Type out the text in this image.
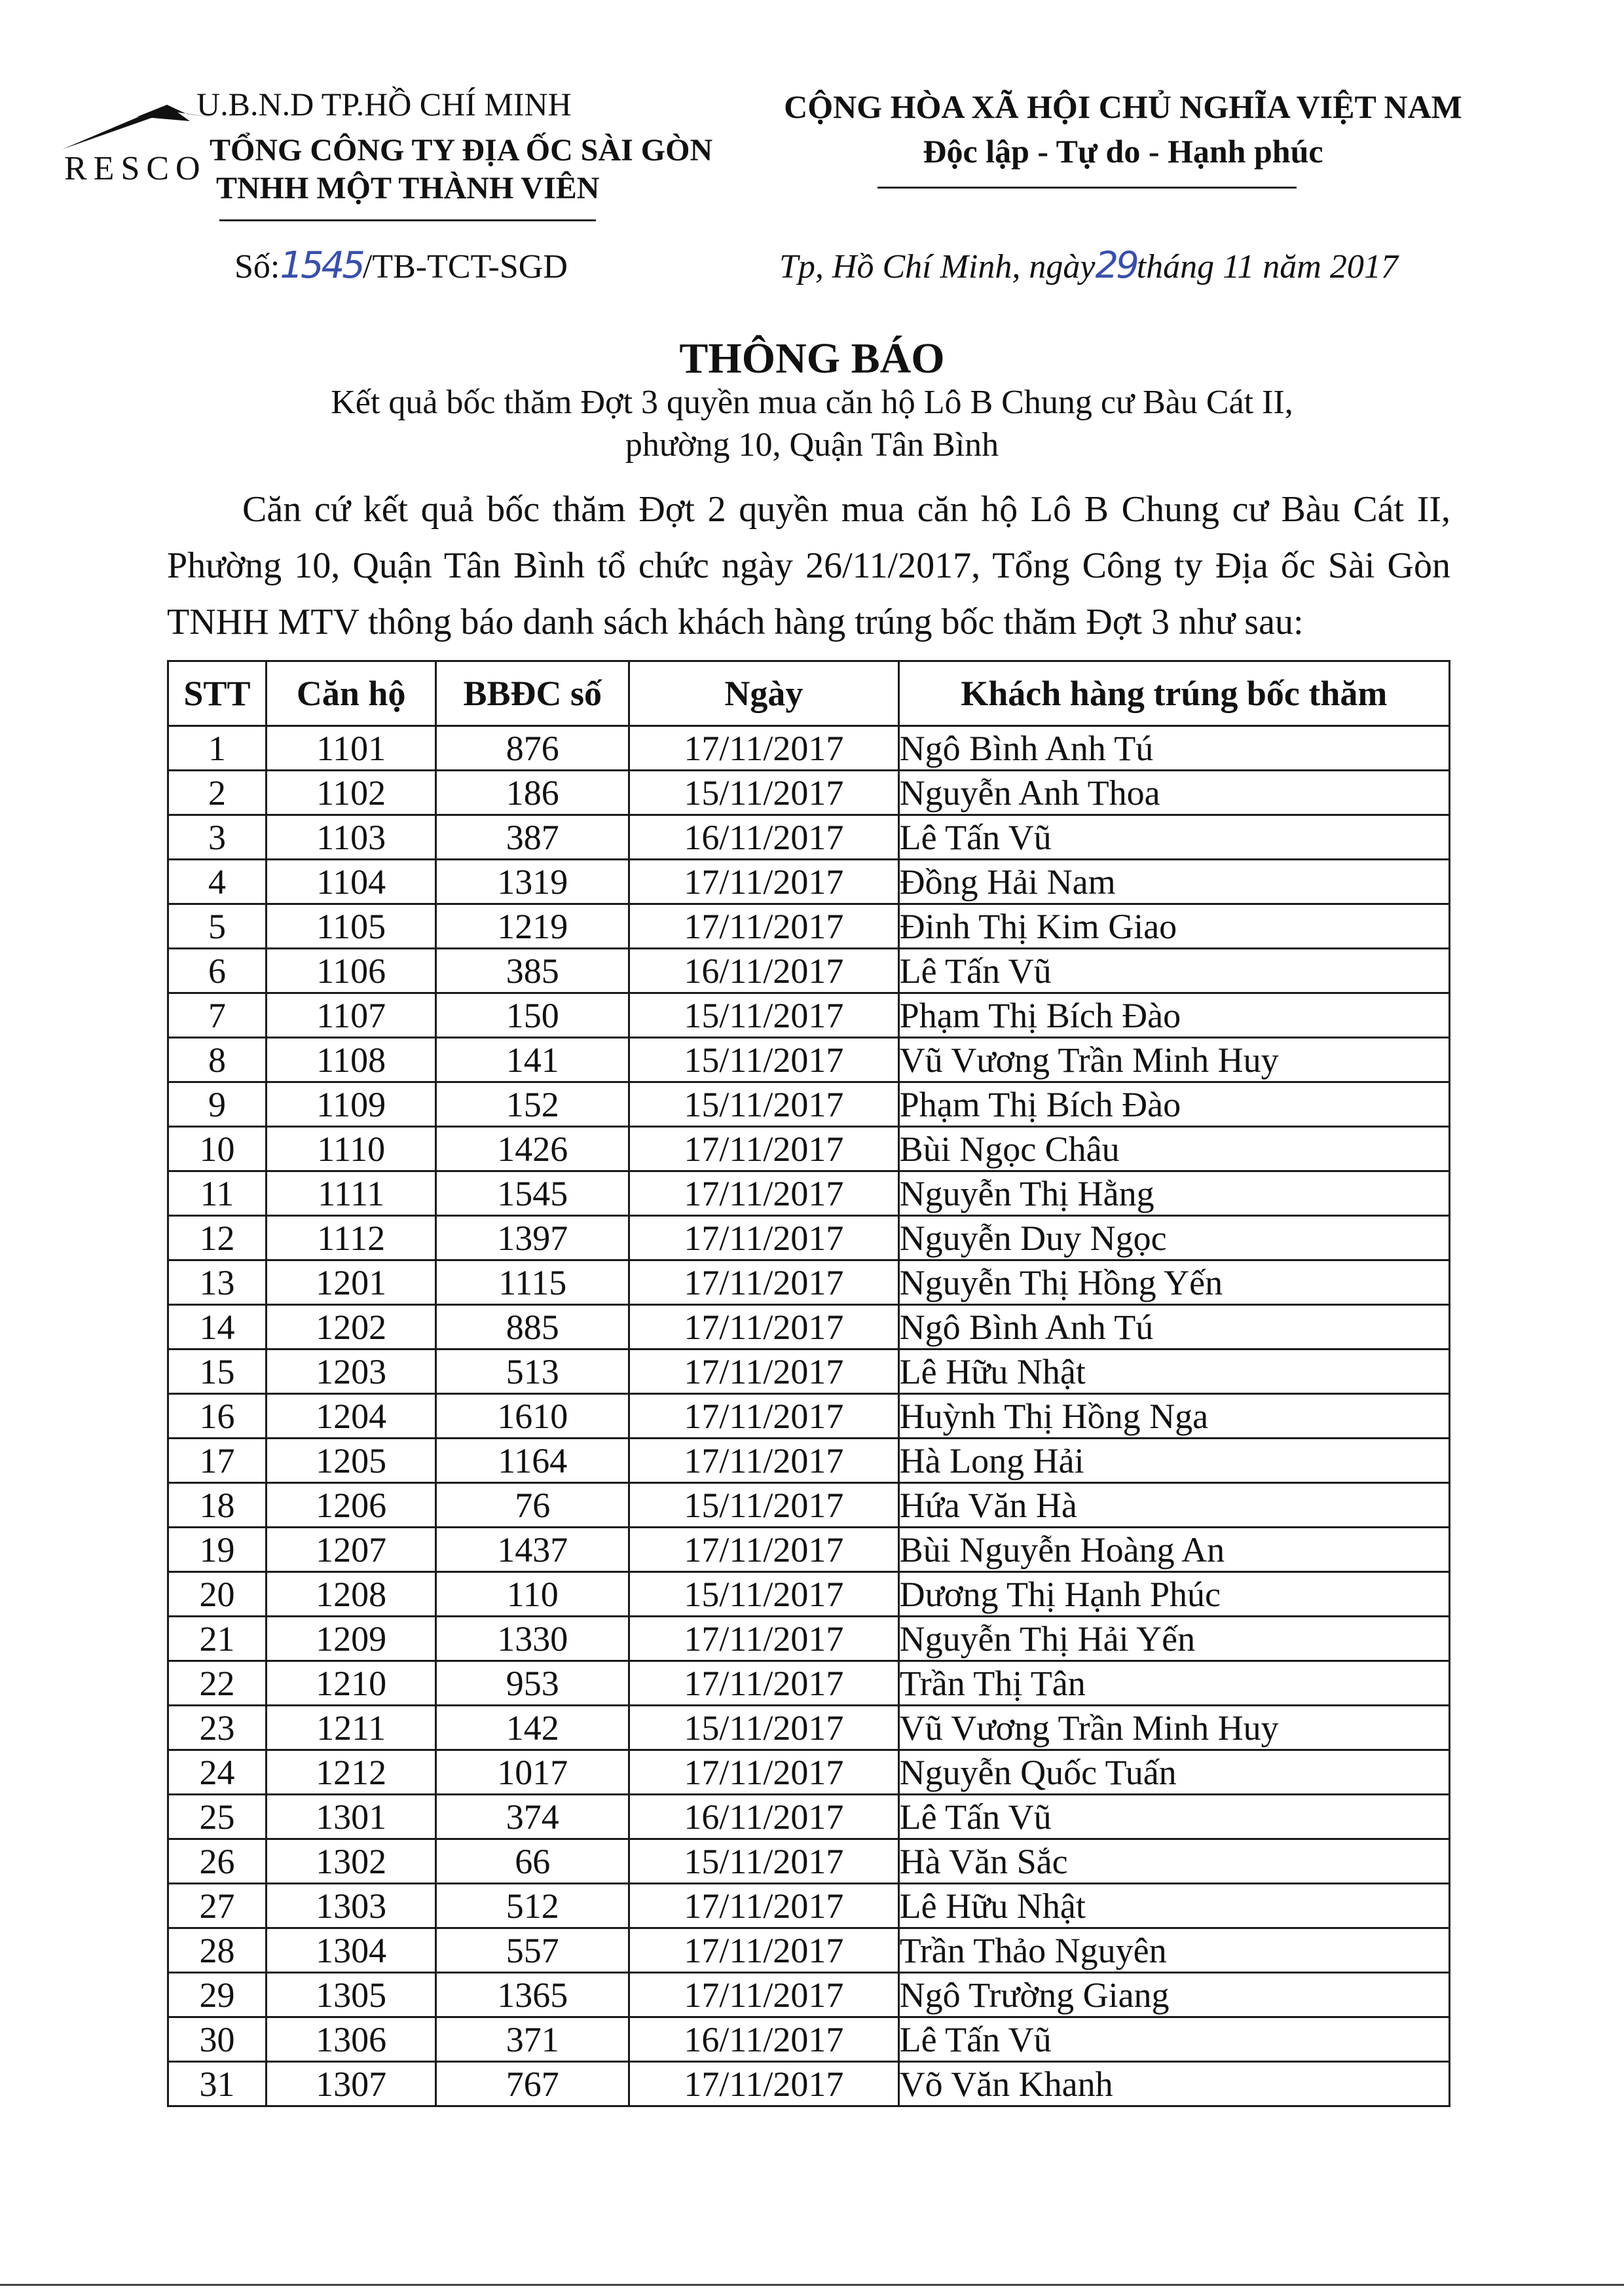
RESCO
U.B.N.D TP.HỒ CHÍ MINH
TỔNG CÔNG TY ĐỊA ỐC SÀI GÒN
TNHH MỘT THÀNH VIÊN
CỘNG HÒA XÃ HỘI CHỦ NGHĨA VIỆT NAM
Độc lập - Tự do - Hạnh phúc
Số:1545/TB-TCT-SGD	Tp, Hồ Chí Minh, ngày29tháng 11 năm 2017
THÔNG BÁO
Kết quả bốc thăm Đợt 3 quyền mua căn hộ Lô B Chung cư Bàu Cát II,
phường 10, Quận Tân Bình
Căn cứ kết quả bốc thăm Đợt 2 quyền mua căn hộ Lô B Chung cư Bàu Cát II, Phường 10, Quận Tân Bình tổ chức ngày 26/11/2017, Tổng Công ty Địa ốc Sài Gòn TNHH MTV thông báo danh sách khách hàng trúng bốc thăm Đợt 3 như sau:
STT	Căn hộ	BBĐC số	Ngày	Khách hàng trúng bốc thăm
1	1101	876	17/11/2017	Ngô Bình Anh Tú
2	1102	186	15/11/2017	Nguyễn Anh Thoa
3	1103	387	16/11/2017	Lê Tấn Vũ
4	1104	1319	17/11/2017	Đồng Hải Nam
5	1105	1219	17/11/2017	Đinh Thị Kim Giao
6	1106	385	16/11/2017	Lê Tấn Vũ
7	1107	150	15/11/2017	Phạm Thị Bích Đào
8	1108	141	15/11/2017	Vũ Vương Trần Minh Huy
9	1109	152	15/11/2017	Phạm Thị Bích Đào
10	1110	1426	17/11/2017	Bùi Ngọc Châu
11	1111	1545	17/11/2017	Nguyễn Thị Hằng
12	1112	1397	17/11/2017	Nguyễn Duy Ngọc
13	1201	1115	17/11/2017	Nguyễn Thị Hồng Yến
14	1202	885	17/11/2017	Ngô Bình Anh Tú
15	1203	513	17/11/2017	Lê Hữu Nhật
16	1204	1610	17/11/2017	Huỳnh Thị Hồng Nga
17	1205	1164	17/11/2017	Hà Long Hải
18	1206	76	15/11/2017	Hứa Văn Hà
19	1207	1437	17/11/2017	Bùi Nguyễn Hoàng An
20	1208	110	15/11/2017	Dương Thị Hạnh Phúc
21	1209	1330	17/11/2017	Nguyễn Thị Hải Yến
22	1210	953	17/11/2017	Trần Thị Tân
23	1211	142	15/11/2017	Vũ Vương Trần Minh Huy
24	1212	1017	17/11/2017	Nguyễn Quốc Tuấn
25	1301	374	16/11/2017	Lê Tấn Vũ
26	1302	66	15/11/2017	Hà Văn Sắc
27	1303	512	17/11/2017	Lê Hữu Nhật
28	1304	557	17/11/2017	Trần Thảo Nguyên
29	1305	1365	17/11/2017	Ngô Trường Giang
30	1306	371	16/11/2017	Lê Tấn Vũ
31	1307	767	17/11/2017	Võ Văn Khanh
